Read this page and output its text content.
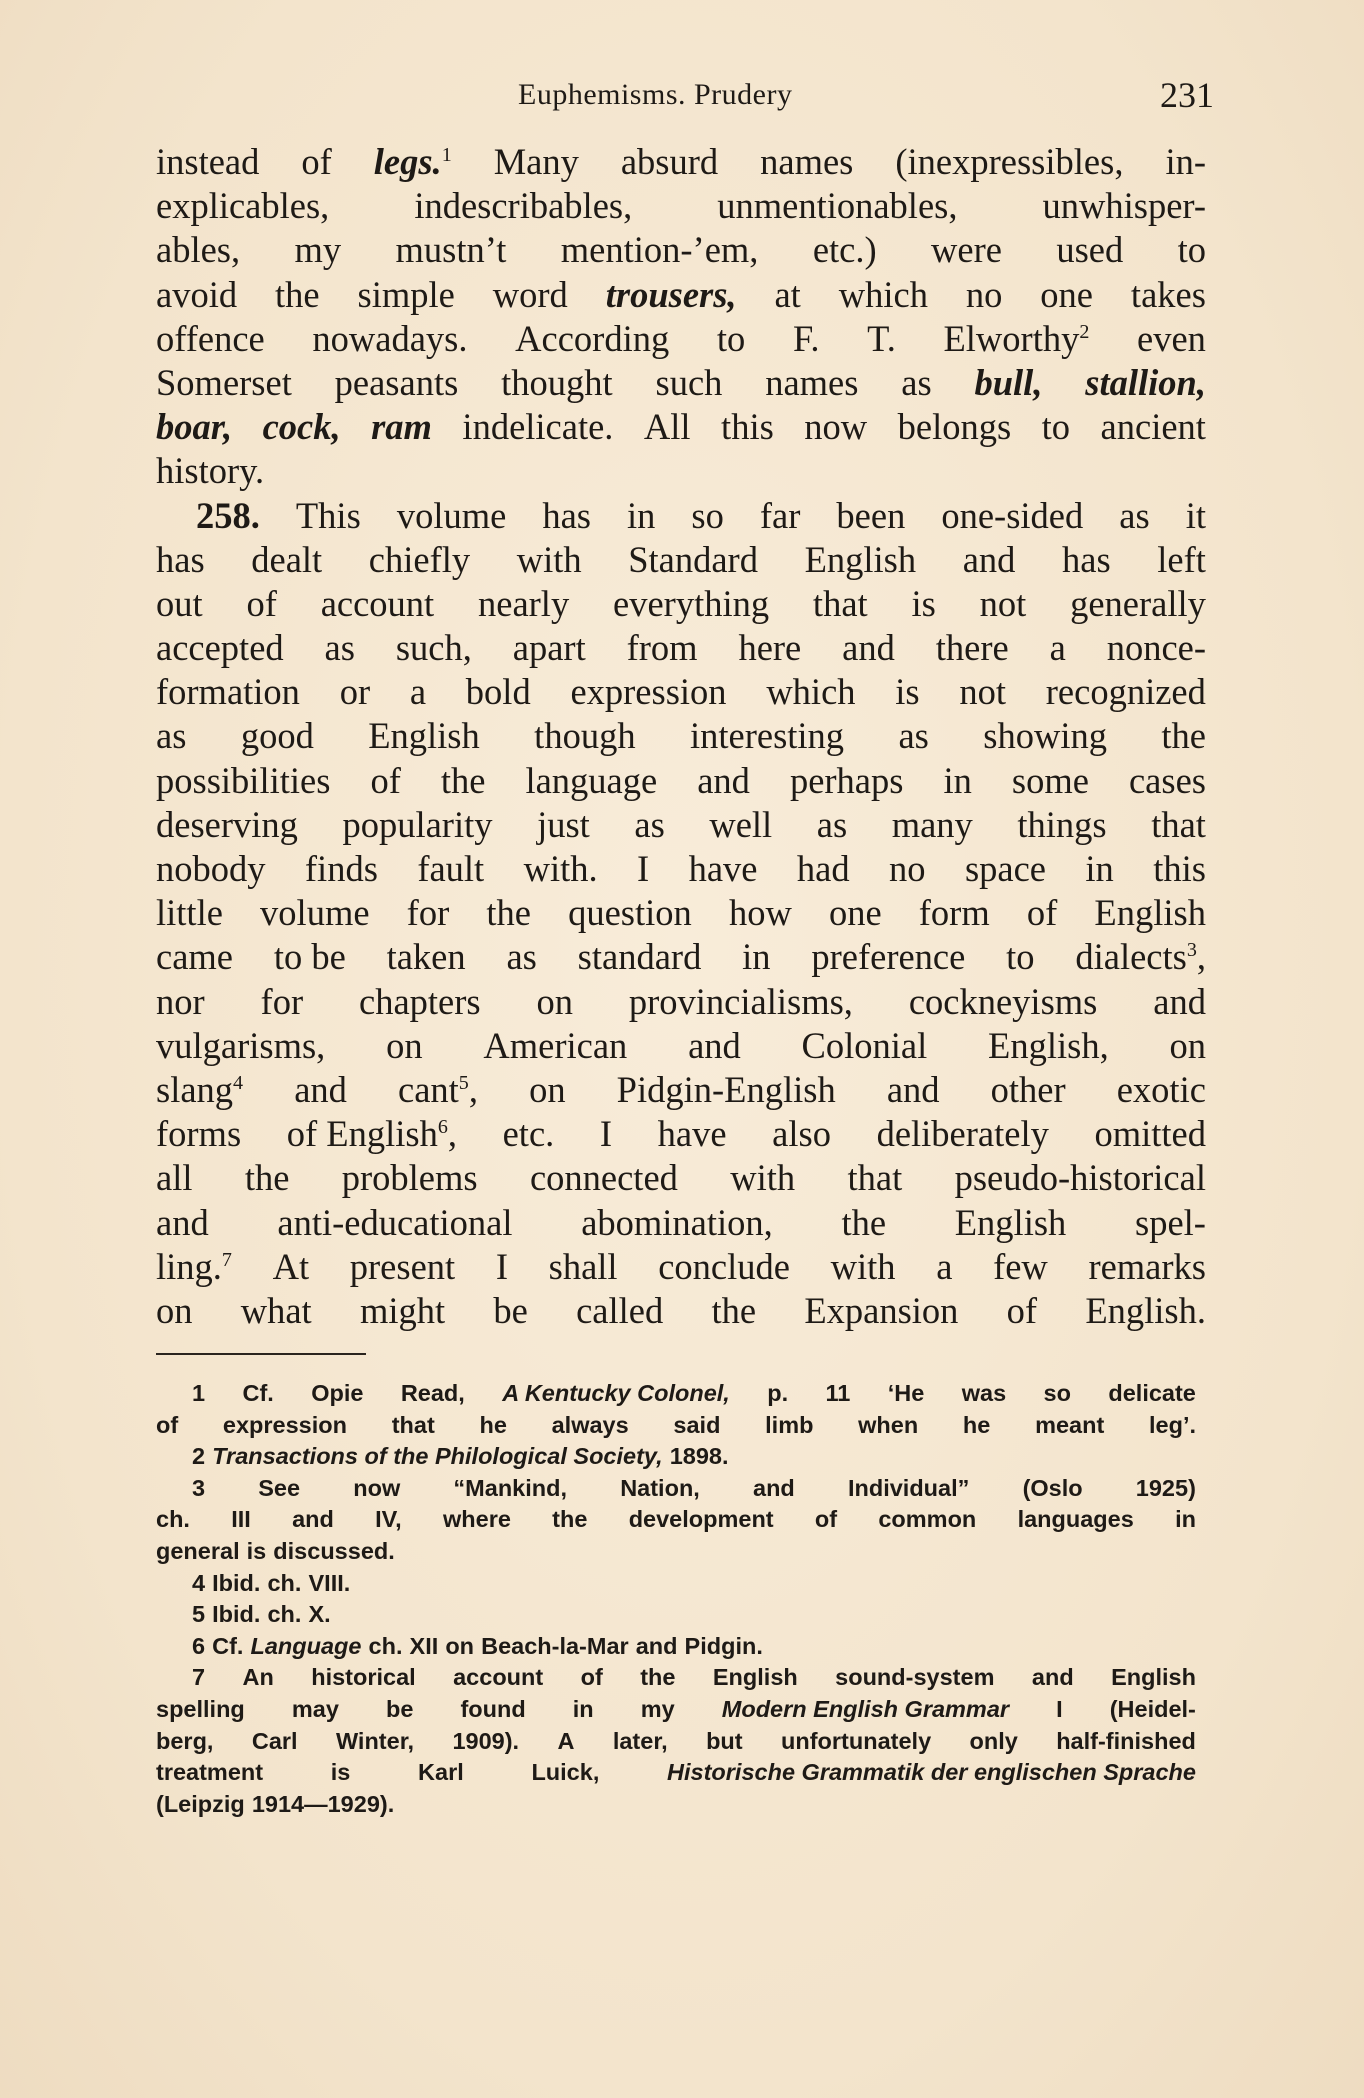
Euphemisms. Prudery	231
instead of legs.$^1$ Many absurd names (inexpressibles, in-
explicables, indescribables, unmentionables, unwhisper-
ables, my mustn’t mention-’em, etc.) were used to
avoid the simple word trousers, at which no one takes
offence nowadays. According to F. T. Elworthy$^2$ even
Somerset peasants thought such names as bull, stallion,
boar, cock, ram indelicate. All this now belongs to ancient
history.
258. This volume has in so far been one-sided as it
has dealt chiefly with Standard English and has left
out of account nearly everything that is not generally
accepted as such, apart from here and there a nonce-
formation or a bold expression which is not recognized
as good English though interesting as showing the
possibilities of the language and perhaps in some cases
deserving popularity just as well as many things that
nobody finds fault with. I have had no space in this
little volume for the question how one form of English
came to be taken as standard in preference to dialects$^3$,
nor for chapters on provincialisms, cockneyisms and
vulgarisms, on American and Colonial English, on
slang$^4$ and cant$^5$, on Pidgin-English and other exotic
forms of English$^6$, etc. I have also deliberately omitted
all the problems connected with that pseudo-historical
and anti-educational abomination, the English spel-
ling.$^7$ At present I shall conclude with a few remarks
on what might be called the Expansion of English.
1 Cf. Opie Read, A Kentucky Colonel, p. 11 ‘He was so delicate
of expression that he always said limb when he meant leg’.
2 Transactions of the Philological Society, 1898.
3 See now “Mankind, Nation, and Individual” (Oslo 1925)
ch. III and IV, where the development of common languages in
general is discussed.
4 Ibid. ch. VIII.
5 Ibid. ch. X.
6 Cf. Language ch. XII on Beach-la-Mar and Pidgin.
7 An historical account of the English sound-system and English
spelling may be found in my Modern English Grammar I (Heidel-
berg, Carl Winter, 1909). A later, but unfortunately only half-finished
treatment	is	Karl	Luick,	Historische Grammatik der englischen Sprache
(Leipzig 1914—1929).
